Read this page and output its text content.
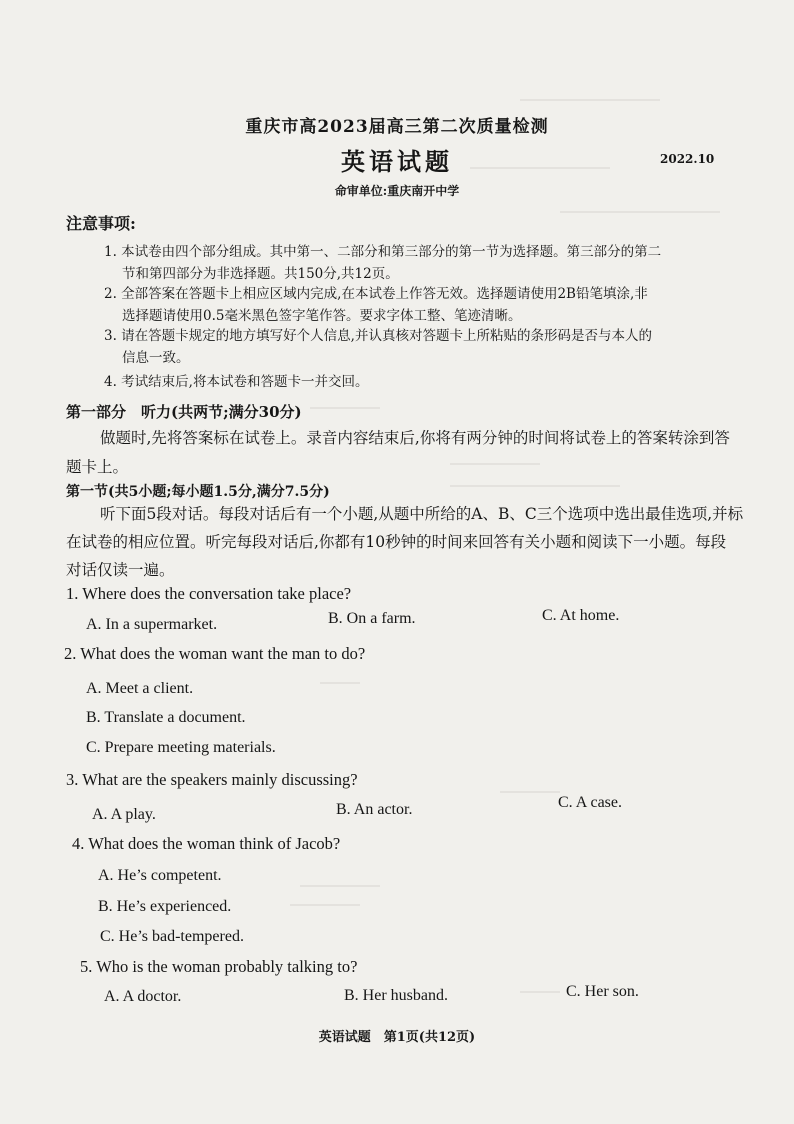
重庆市高2023届高三第二次质量检测
英语试题	2022.10
命审单位:重庆南开中学
注意事项:
1. 本试卷由四个部分组成。其中第一、二部分和第三部分的第一节为选择题。第三部分的第二
节和第四部分为非选择题。共150分,共12页。
2. 全部答案在答题卡上相应区域内完成,在本试卷上作答无效。选择题请使用2B铅笔填涂,非
选择题请使用0.5毫米黑色签字笔作答。要求字体工整、笔迹清晰。
3. 请在答题卡规定的地方填写好个人信息,并认真核对答题卡上所粘贴的条形码是否与本人的
信息一致。
4. 考试结束后,将本试卷和答题卡一并交回。
第一部分　听力(共两节;满分30分)
做题时,先将答案标在试卷上。录音内容结束后,你将有两分钟的时间将试卷上的答案转涂到答
题卡上。
第一节(共5小题;每小题1.5分,满分7.5分)
听下面5段对话。每段对话后有一个小题,从题中所给的A、B、C三个选项中选出最佳选项,并标
在试卷的相应位置。听完每段对话后,你都有10秒钟的时间来回答有关小题和阅读下一小题。每段
对话仅读一遍。
1. Where does the conversation take place?
A. In a supermarket.	B. On a farm.	C. At home.
2. What does the woman want the man to do?
A. Meet a client.
B. Translate a document.
C. Prepare meeting materials.
3. What are the speakers mainly discussing?
A. A play.	B. An actor.	C. A case.
4. What does the woman think of Jacob?
A. He’s competent.
B. He’s experienced.
C. He’s bad-tempered.
5. Who is the woman probably talking to?
A. A doctor.	B. Her husband.	C. Her son.
英语试题　第1页(共12页)
